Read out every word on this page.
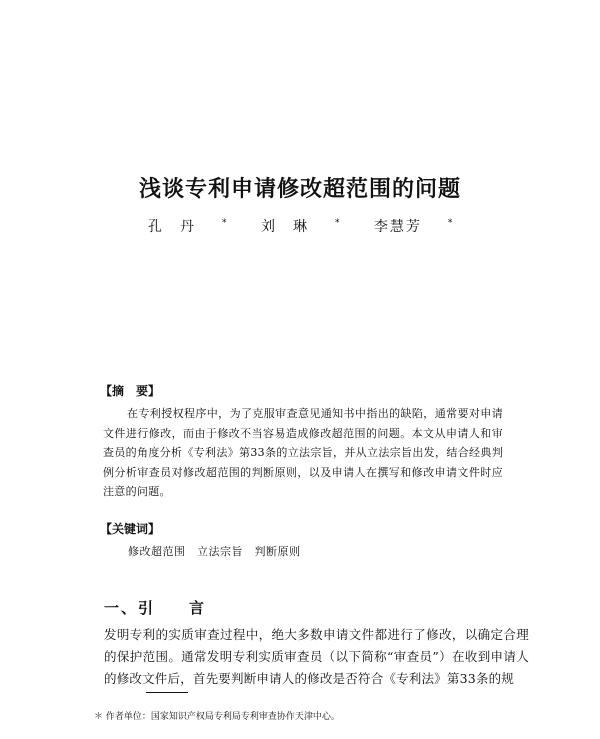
浅谈专利申请修改超范围的问题
孔　丹	* 刘　琳	* 李慧芳	*
【摘　要】
在专利授权程序中，为了克服审查意见通知书中指出的缺陷，通常要对申请文件进行修改，而由于修改不当容易造成修改超范围的问题。本文从申请人和审查员的角度分析《专利法》第33条的立法宗旨，并从立法宗旨出发，结合经典判例分析审查员对修改超范围的判断原则，以及申请人在撰写和修改申请文件时应注意的问题。
【关键词】
修改超范围　立法宗旨　判断原则
一、引　　言
发明专利的实质审查过程中，绝大多数申请文件都进行了修改，以确定合理的保护范围。通常发明专利实质审查员（以下简称“审查员”）在收到申请人的修改文件后，首先要判断申请人的修改是否符合《专利法》第33条的规
＊ 作者单位：国家知识产权局专利局专利审查协作天津中心。
